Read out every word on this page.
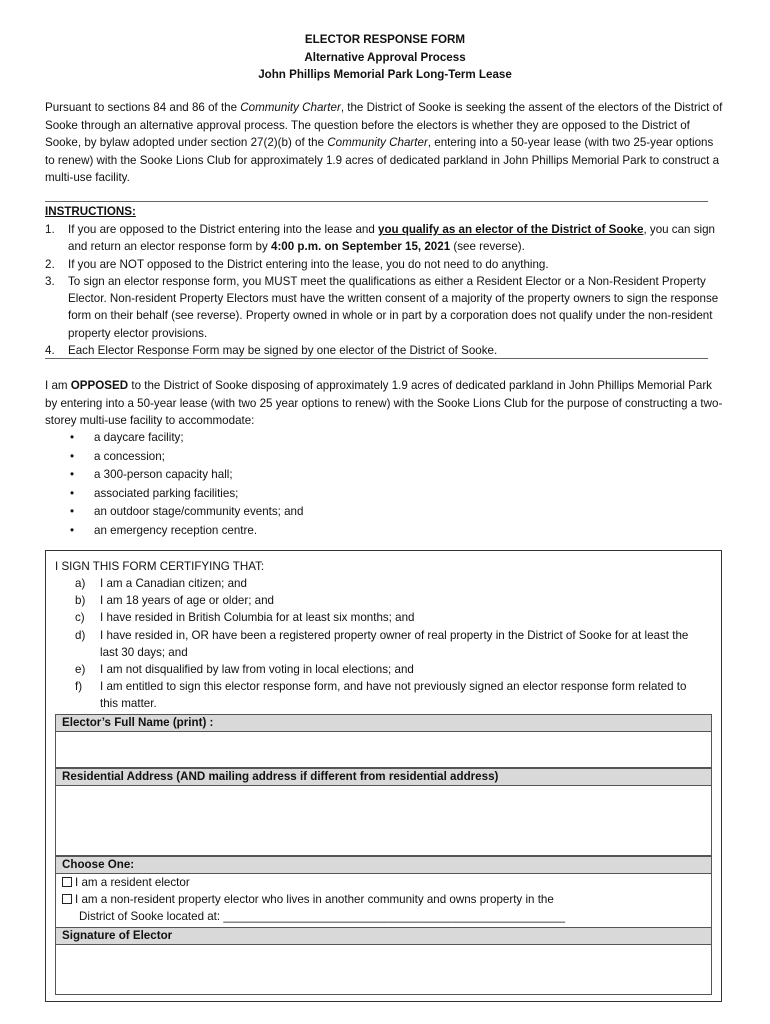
ELECTOR RESPONSE FORM
Alternative Approval Process
John Phillips Memorial Park Long-Term Lease
Pursuant to sections 84 and 86 of the Community Charter, the District of Sooke is seeking the assent of the electors of the District of Sooke through an alternative approval process. The question before the electors is whether they are opposed to the District of Sooke, by bylaw adopted under section 27(2)(b) of the Community Charter, entering into a 50-year lease (with two 25-year options to renew) with the Sooke Lions Club for approximately 1.9 acres of dedicated parkland in John Phillips Memorial Park to construct a multi-use facility.
INSTRUCTIONS:
1. If you are opposed to the District entering into the lease and you qualify as an elector of the District of Sooke, you can sign and return an elector response form by 4:00 p.m. on September 15, 2021 (see reverse).
2. If you are NOT opposed to the District entering into the lease, you do not need to do anything.
3. To sign an elector response form, you MUST meet the qualifications as either a Resident Elector or a Non-Resident Property Elector. Non-resident Property Electors must have the written consent of a majority of the property owners to sign the response form on their behalf (see reverse). Property owned in whole or in part by a corporation does not qualify under the non-resident property elector provisions.
4. Each Elector Response Form may be signed by one elector of the District of Sooke.
I am OPPOSED to the District of Sooke disposing of approximately 1.9 acres of dedicated parkland in John Phillips Memorial Park by entering into a 50-year lease (with two 25 year options to renew) with the Sooke Lions Club for the purpose of constructing a two-storey multi-use facility to accommodate:
• a daycare facility;
• a concession;
• a 300-person capacity hall;
• associated parking facilities;
• an outdoor stage/community events; and
• an emergency reception centre.
I SIGN THIS FORM CERTIFYING THAT:
a) I am a Canadian citizen; and
b) I am 18 years of age or older; and
c) I have resided in British Columbia for at least six months; and
d) I have resided in, OR have been a registered property owner of real property in the District of Sooke for at least the last 30 days; and
e) I am not disqualified by law from voting in local elections; and
f) I am entitled to sign this elector response form, and have not previously signed an elector response form related to this matter.
Elector’s Full Name (print) :
Residential Address (AND mailing address if different from residential address)
Choose One:
I am a resident elector
I am a non-resident property elector who lives in another community and owns property in the
District of Sooke located at: _____________________________________________________
Signature of Elector
